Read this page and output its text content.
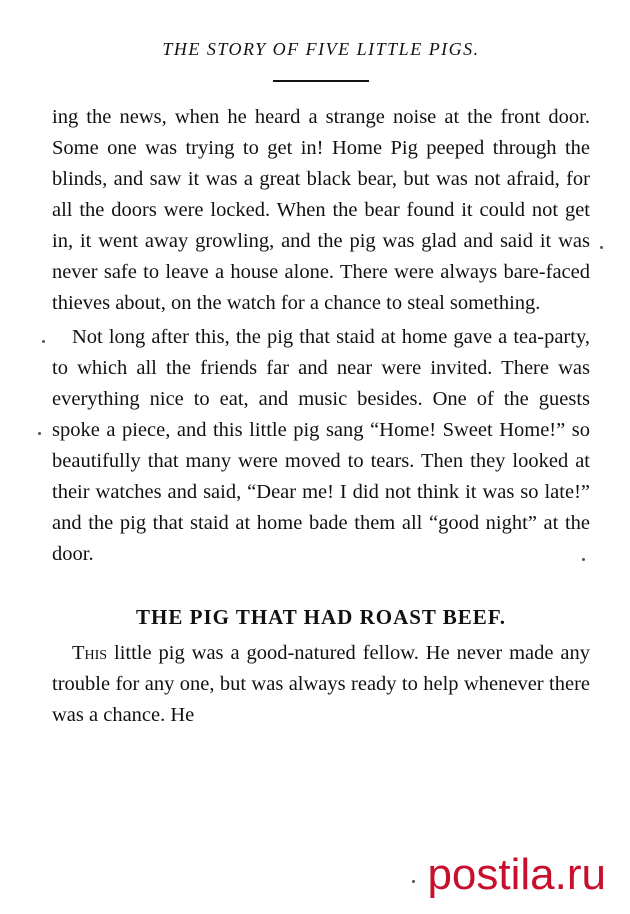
THE STORY OF FIVE LITTLE PIGS.

ing the news, when he heard a strange noise at the front door. Some one was trying to get in! Home Pig peeped through the blinds, and saw it was a great black bear, but was not afraid, for all the doors were locked. When the bear found it could not get in, it went away growling, and the pig was glad and said it was never safe to leave a house alone. There were always bare-faced thieves about, on the watch for a chance to steal something.

Not long after this, the pig that staid at home gave a tea-party, to which all the friends far and near were invited. There was everything nice to eat, and music besides. One of the guests spoke a piece, and this little pig sang “Home! Sweet Home!” so beautifully that many were moved to tears. Then they looked at their watches and said, “Dear me! I did not think it was so late!” and the pig that staid at home bade them all “good night” at the door.

THE PIG THAT HAD ROAST BEEF.

This little pig was a good-natured fellow. He never made any trouble for any one, but was always ready to help whenever there was a chance. He

postila.ru
